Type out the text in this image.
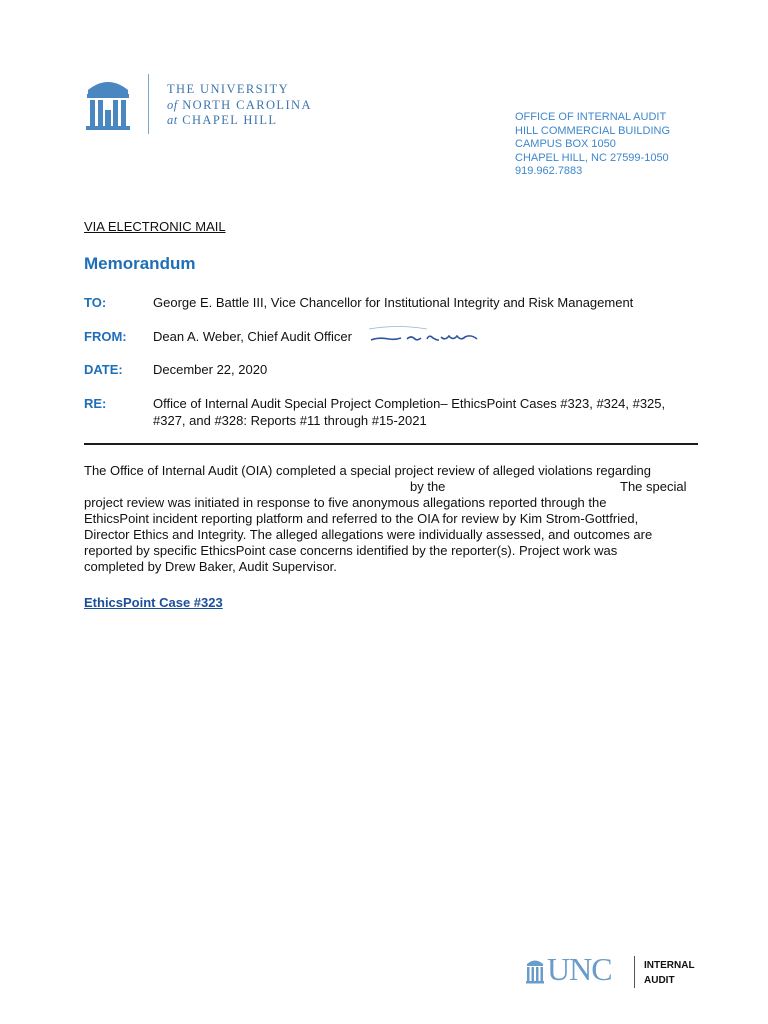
THE UNIVERSITY
of NORTH CAROLINA
at CHAPEL HILL	OFFICE OF INTERNAL AUDIT
HILL COMMERCIAL BUILDING
CAMPUS BOX 1050
CHAPEL HILL, NC 27599-1050
919.962.7883
VIA ELECTRONIC MAIL
Memorandum
TO:	George E. Battle III, Vice Chancellor for Institutional Integrity and Risk Management
FROM: Dean A. Weber, Chief Audit Officer
DATE: December 22, 2020
RE:	Office of Internal Audit Special Project Completion– EthicsPoint Cases #323, #324, #325,
#327, and #328: Reports #11 through #15-2021
The Office of Internal Audit (OIA) completed a special project review of alleged violations regarding
by the	The special
project review was initiated in response to five anonymous allegations reported through the
EthicsPoint incident reporting platform and referred to the OIA for review by Kim Strom-Gottfried,
Director Ethics and Integrity. The alleged allegations were individually assessed, and outcomes are
reported by specific EthicsPoint case concerns identified by the reporter(s). Project work was
completed by Drew Baker, Audit Supervisor.
EthicsPoint Case #323
UNC	INTERNAL
AUDIT
